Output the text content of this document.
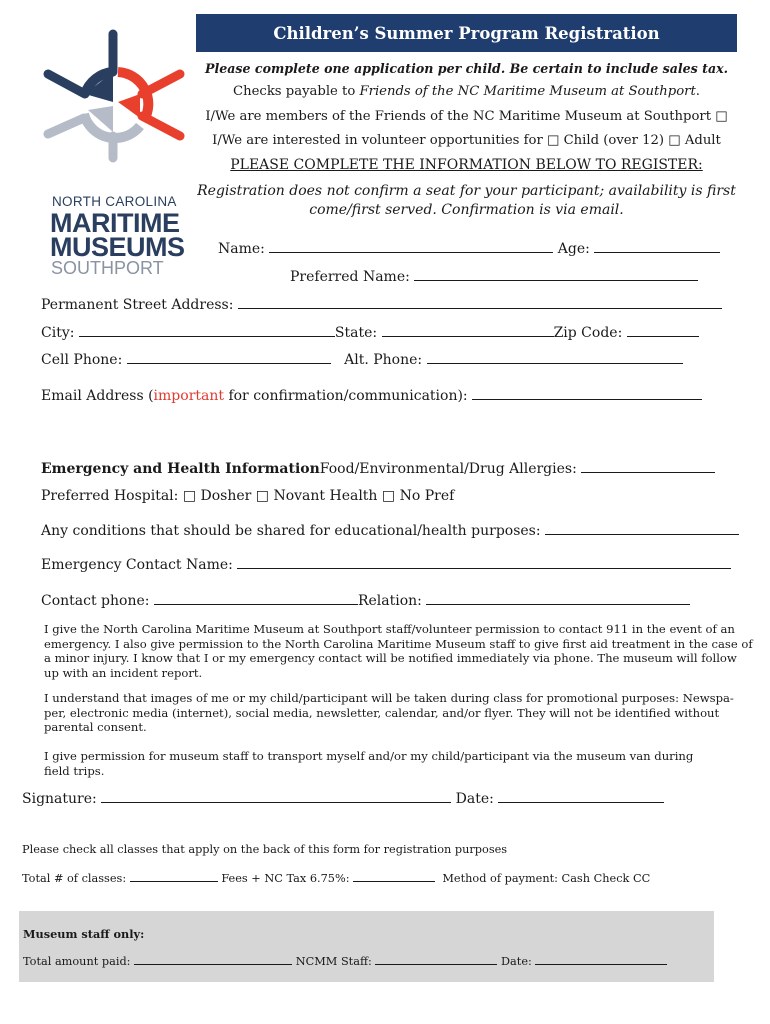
Children’s Summer Program Registration
NORTH CAROLINA
MARITIME
MUSEUMS
SOUTHPORT
Please complete one application per child. Be certain to include sales tax.
Checks payable to Friends of the NC Maritime Museum at Southport.
I/We are members of the Friends of the NC Maritime Museum at Southport □
I/We are interested in volunteer opportunities for □ Child (over 12) □ Adult
PLEASE COMPLETE THE INFORMATION BELOW TO REGISTER:
Registration does not confirm a seat for your participant; availability is first
come/first served. Confirmation is via email.
Name:	Age:
Preferred Name:
Permanent Street Address:
City:	State:	Zip Code:
Cell Phone:	Alt. Phone:
Email Address (important for confirmation/communication):
Emergency and Health InformationFood/Environmental/Drug Allergies:
Preferred Hospital: □ Dosher □ Novant Health □ No Pref
Any conditions that should be shared for educational/health purposes:
Emergency Contact Name:
Contact phone:	Relation:
I give the North Carolina Maritime Museum at Southport staff/volunteer permission to contact 911 in the event of an
emergency. I also give permission to the North Carolina Maritime Museum staff to give first aid treatment in the case of
a minor injury. I know that I or my emergency contact will be notified immediately via phone. The museum will follow
up with an incident report.
I understand that images of me or my child/participant will be taken during class for promotional purposes: Newspa-
per, electronic media (internet), social media, newsletter, calendar, and/or flyer. They will not be identified without
parental consent.
I give permission for museum staff to transport myself and/or my child/participant via the museum van during
field trips.
Signature:	Date:
Please check all classes that apply on the back of this form for registration purposes
Total # of classes:	Fees + NC Tax 6.75%:	Method of payment: Cash Check CC
Museum staff only:
Total amount paid:	NCMM Staff:	Date:
